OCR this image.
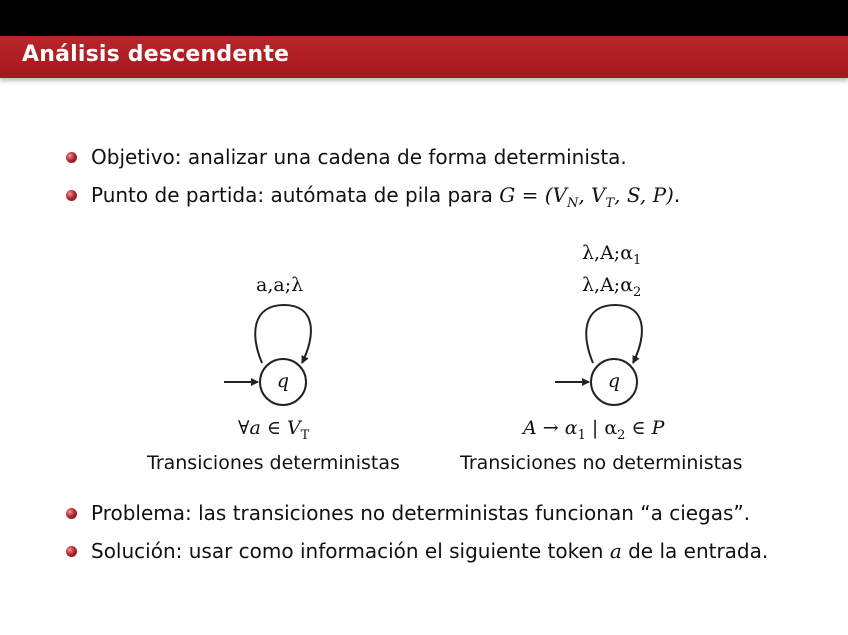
Análisis descendente
Objetivo: analizar una cadena de forma determinista.
Punto de partida: autómata de pila para $G = (V_N$, $V_T$, S, P).
a,a;λ
q
∀a ∈ $V_T$
Transiciones deterministas
$\lambda,A;\alpha_1$
$\lambda,A;\alpha_2$
q
$A \to \alpha_1$ | $\alpha_2$ ∈ P
Transiciones no deterministas
Problema: las transiciones no deterministas funcionan “a ciegas”.
Solución: usar como información el siguiente token a de la entrada.
